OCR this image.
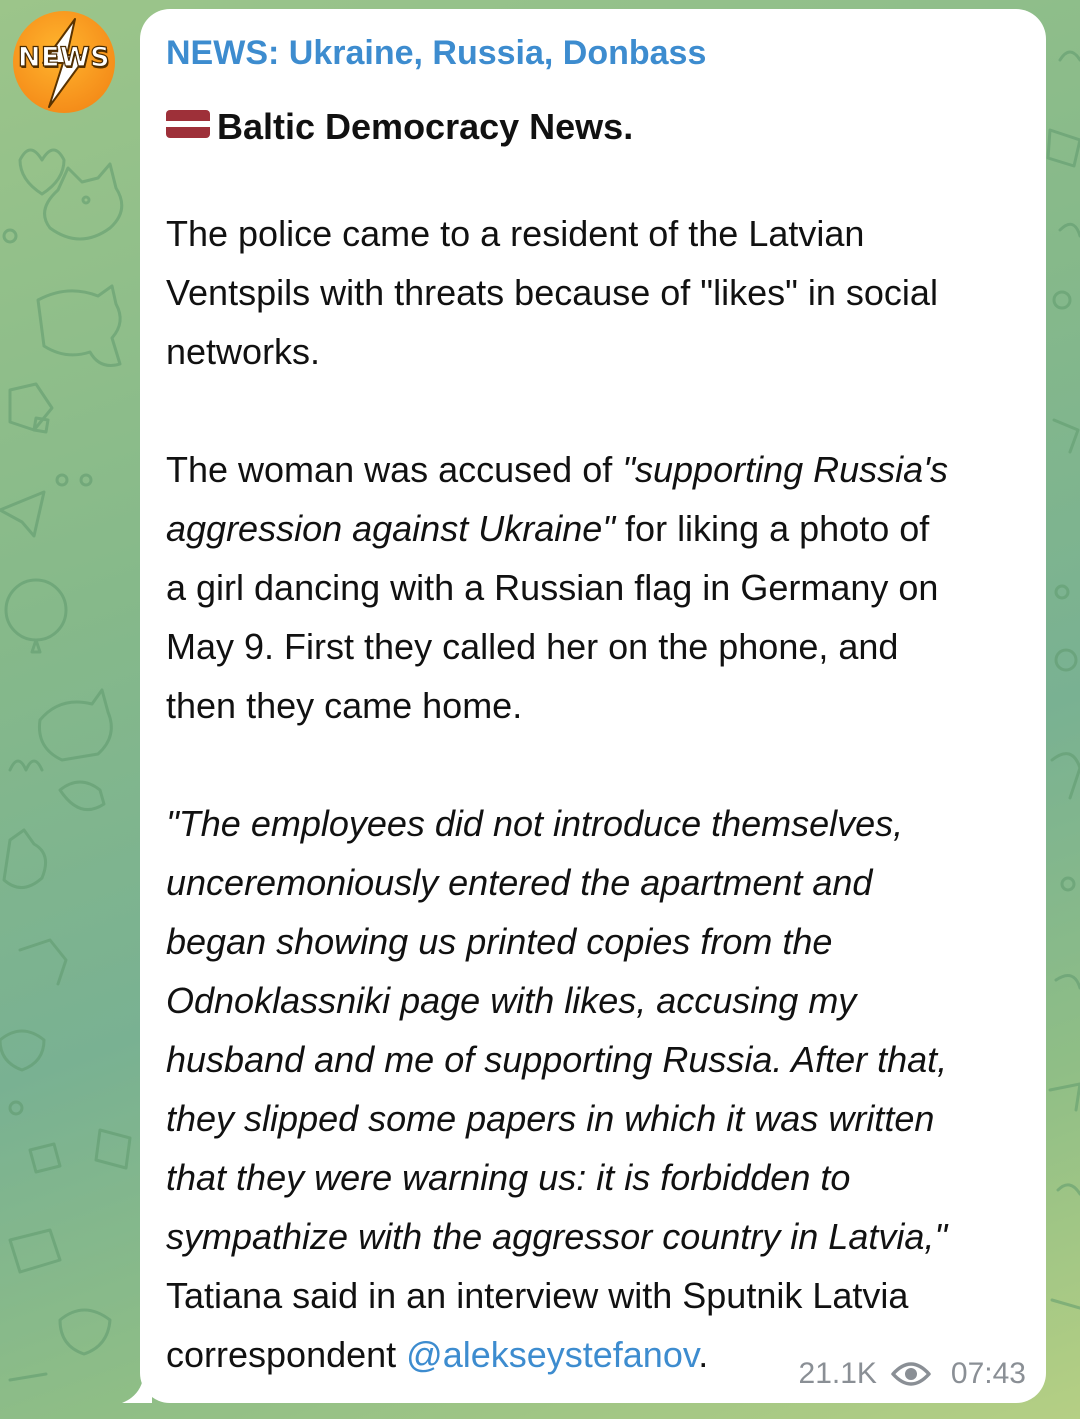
NEWS NEWS: Ukraine, Russia, Donbass

Baltic Democracy News.

The police came to a resident of the Latvian
Ventspils with threats because of "likes" in social
networks.

The woman was accused of "supporting Russia's
aggression against Ukraine" for liking a photo of
a girl dancing with a Russian flag in Germany on
May 9. First they called her on the phone, and
then they came home.

"The employees did not introduce themselves,
unceremoniously entered the apartment and
began showing us printed copies from the
Odnoklassniki page with likes, accusing my
husband and me of supporting Russia. After that,
they slipped some papers in which it was written
that they were warning us: it is forbidden to
sympathize with the aggressor country in Latvia,"
Tatiana said in an interview with Sputnik Latvia
correspondent @alekseystefanov.	21.1K 07:43
